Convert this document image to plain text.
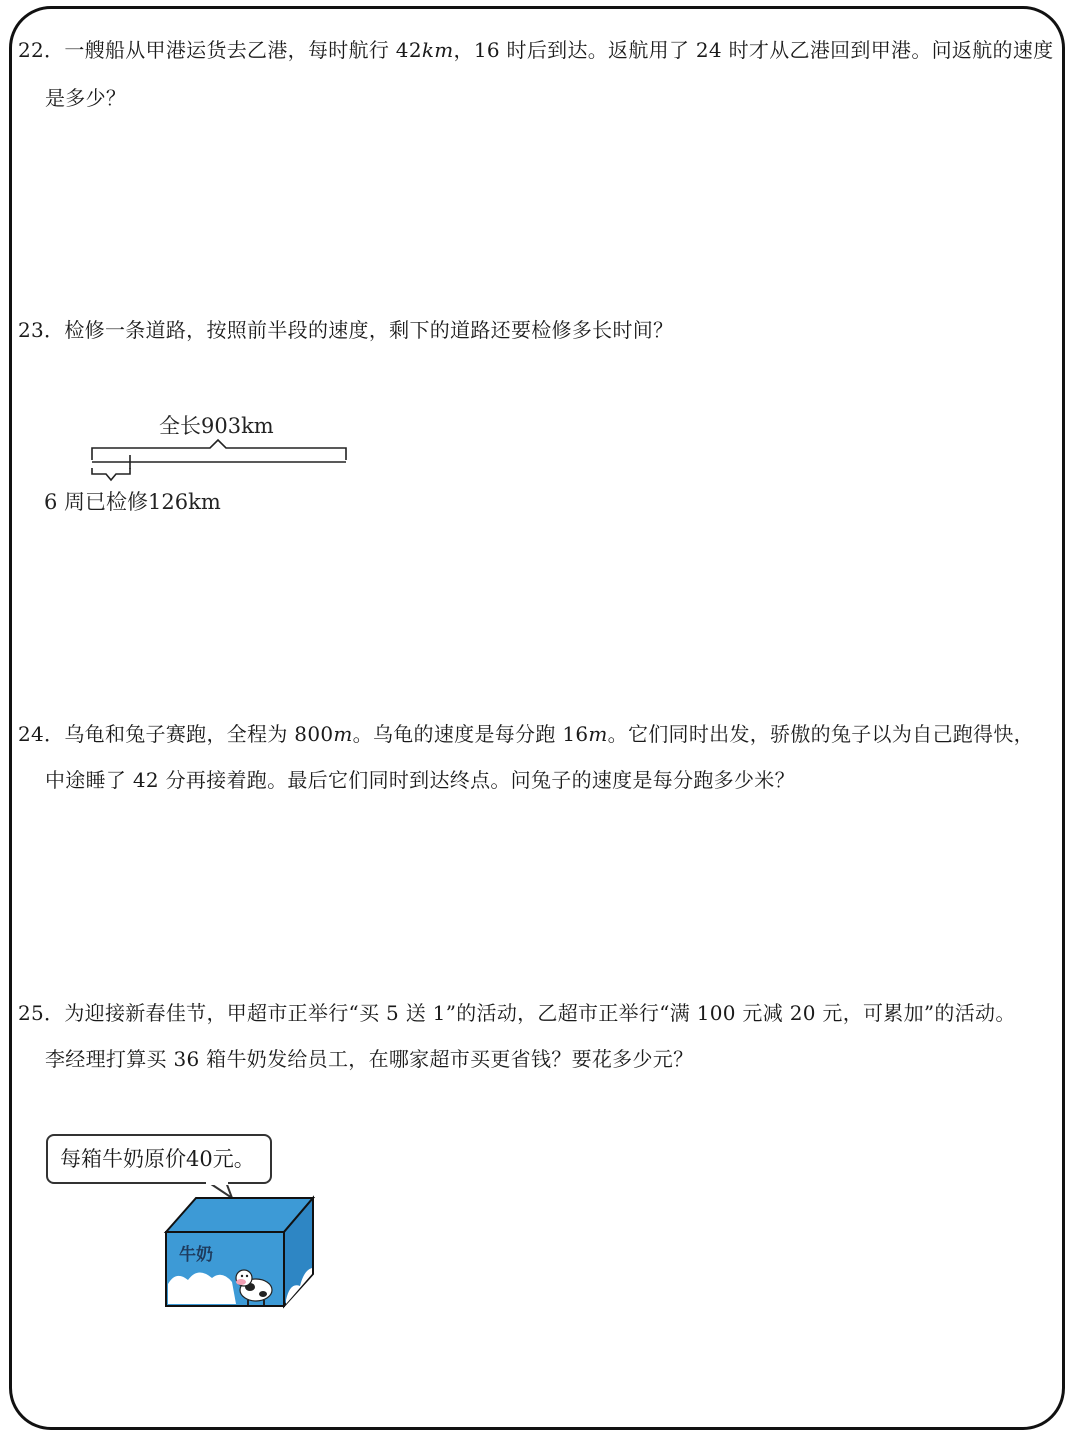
22．一艘船从甲港运货去乙港，每时航行 42km，16 时后到达。返航用了 24 时才从乙港回到甲港。问返航的速度
是多少？
23．检修一条道路，按照前半段的速度，剩下的道路还要检修多长时间？
全长903km
6 周已检修126km
24．乌龟和兔子赛跑，全程为 800m。乌龟的速度是每分跑 16m。它们同时出发，骄傲的兔子以为自己跑得快，
中途睡了 42 分再接着跑。最后它们同时到达终点。问兔子的速度是每分跑多少米？
25．为迎接新春佳节，甲超市正举行“买 5 送 1”的活动，乙超市正举行“满 100 元减 20 元，可累加”的活动。
李经理打算买 36 箱牛奶发给员工，在哪家超市买更省钱？要花多少元？
每箱牛奶原价40元。
牛奶
